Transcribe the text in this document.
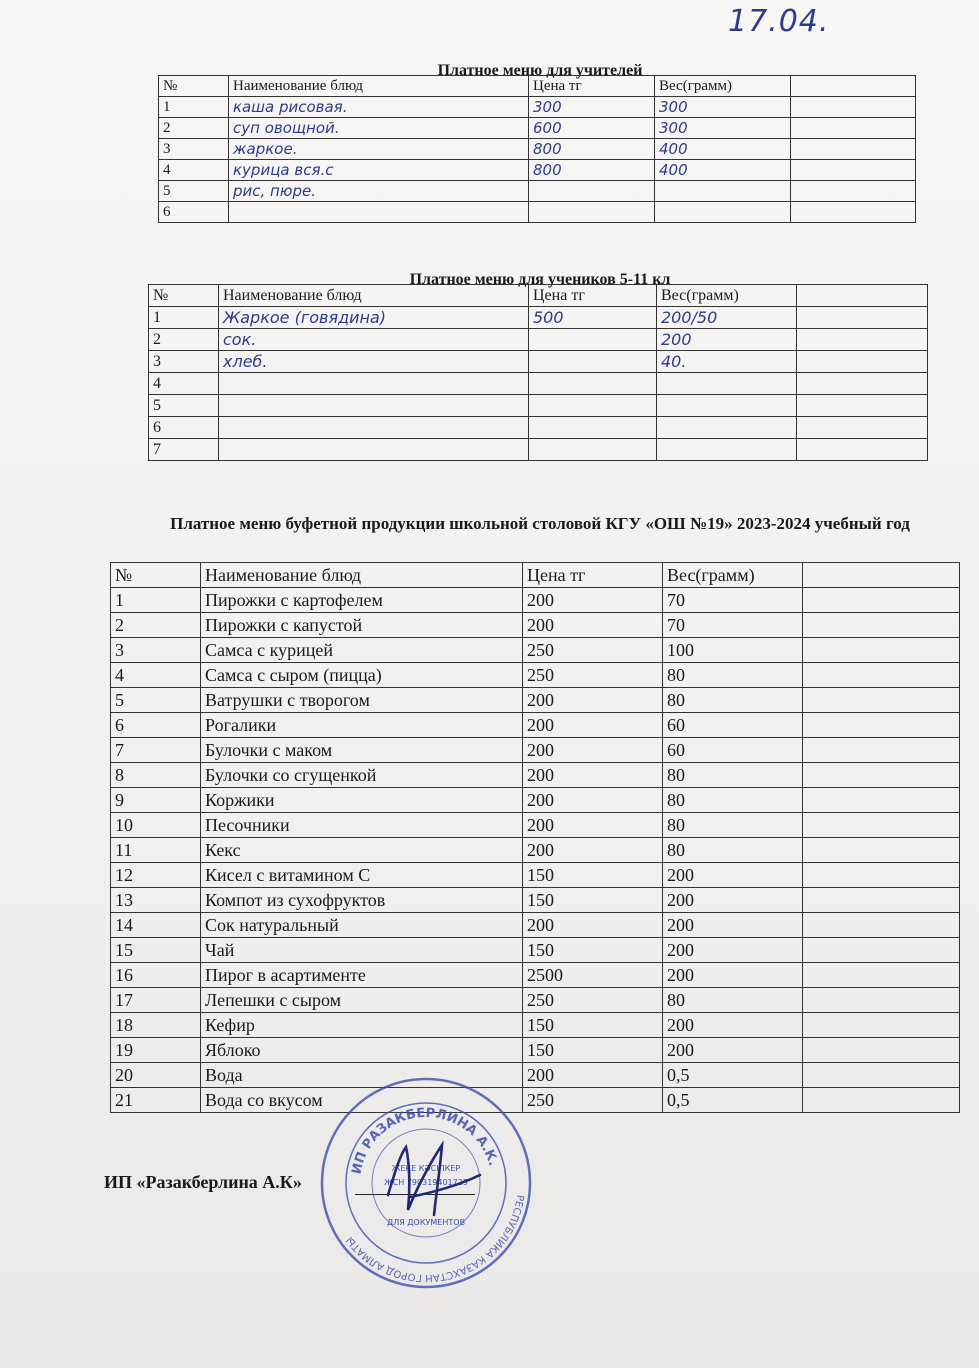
17.04.
Платное меню для учителей
№	Наименование блюд	Цена тг	Вес(грамм)	
1	каша рисовая.	300	300	
2	суп овощной.	600	300	
3	жаркое.	800	400	
4	курица вся.с	800	400	
5	рис, пюре.			
6				
Платное меню для учеников 5-11 кл
№	Наименование блюд	Цена тг	Вес(грамм)	
1	Жаркое (говядина)	500	200/50	
2	сок.		200	
3	хлеб.		40.	
4				
5				
6				
7				
Платное меню буфетной продукции школьной столовой КГУ «ОШ №19» 2023-2024 учебный год
№	Наименование блюд	Цена тг	Вес(грамм)	
1	Пирожки с картофелем	200	70	
2	Пирожки с капустой	200	70	
3	Самса с курицей	250	100	
4	Самса с сыром (пицца)	250	80	
5	Ватрушки с творогом	200	80	
6	Рогалики	200	60	
7	Булочки с маком	200	60	
8	Булочки со сгущенкой	200	80	
9	Коржики	200	80	
10	Песочники	200	80	
11	Кекс	200	80	
12	Кисел с витамином С	150	200	
13	Компот из сухофруктов	150	200	
14	Сок натуральный	200	200	
15	Чай	150	200	
16	Пирог в асартименте	2500	200	
17	Лепешки с сыром	250	80	
18	Кефир	150	200	
19	Яблоко	150	200	
20	Вода	200	0,5	
21	Вода со вкусом	250	0,5	
ИП «Разакберлина А.К»
РЕСПУБЛИКА КАЗАХСТАН ГОРОД АЛМАТЫ
ИП РАЗАКБЕРЛИНА А.К.
ЖЕКЕ КӘСІПКЕР
ЖСН 790319401725
ДЛЯ ДОКУМЕНТОВ
